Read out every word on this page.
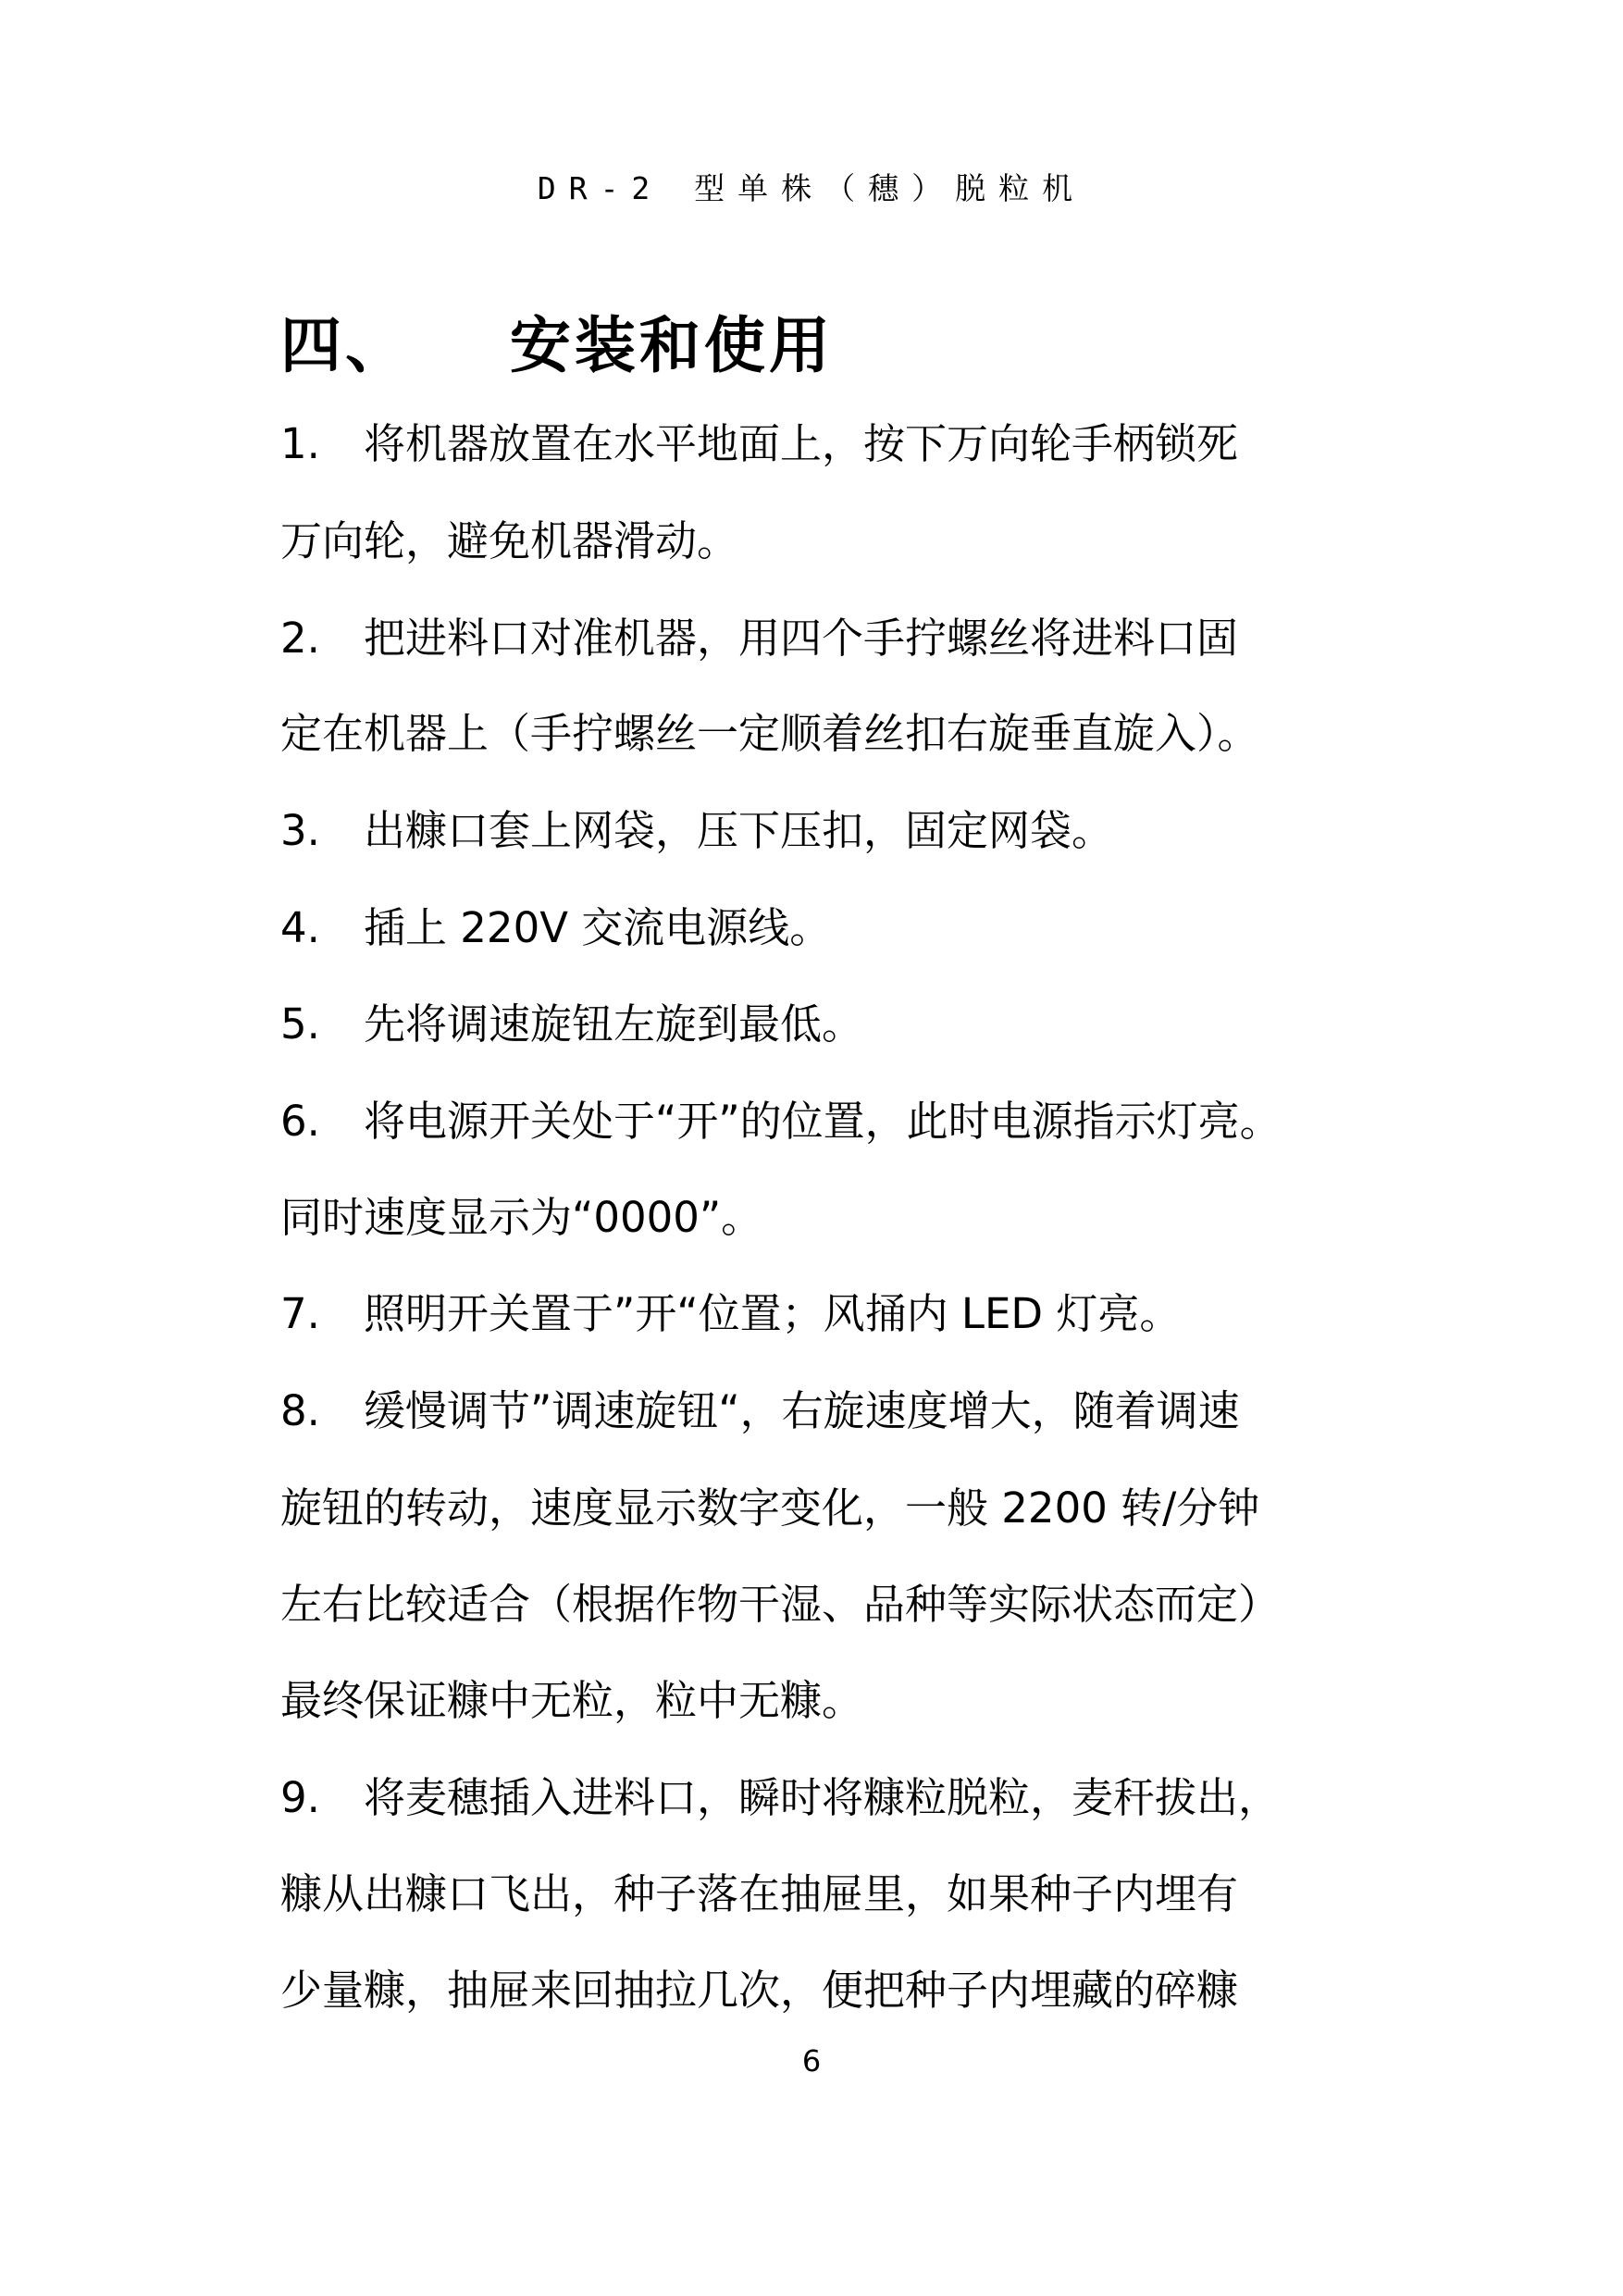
DR-2 型单株（穗）脱粒机
四、    安装和使用
1. 将机器放置在水平地面上，按下万向轮手柄锁死
万向轮，避免机器滑动。
2. 把进料口对准机器，用四个手拧螺丝将进料口固
定在机器上（手拧螺丝一定顺着丝扣右旋垂直旋入）。
3. 出糠口套上网袋，压下压扣，固定网袋。
4. 插上 220V 交流电源线。
5. 先将调速旋钮左旋到最低。
6. 将电源开关处于“开”的位置，此时电源指示灯亮。
同时速度显示为“0000”。
7. 照明开关置于”开“位置；风捅内 LED 灯亮。
8. 缓慢调节”调速旋钮“，右旋速度增大，随着调速
旋钮的转动，速度显示数字变化，一般 2200 转/分钟
左右比较适合（根据作物干湿、品种等实际状态而定）
最终保证糠中无粒，粒中无糠。
9. 将麦穗插入进料口，瞬时将糠粒脱粒，麦秆拔出，
糠从出糠口飞出，种子落在抽屉里，如果种子内埋有
少量糠，抽屉来回抽拉几次，便把种子内埋藏的碎糠
6
